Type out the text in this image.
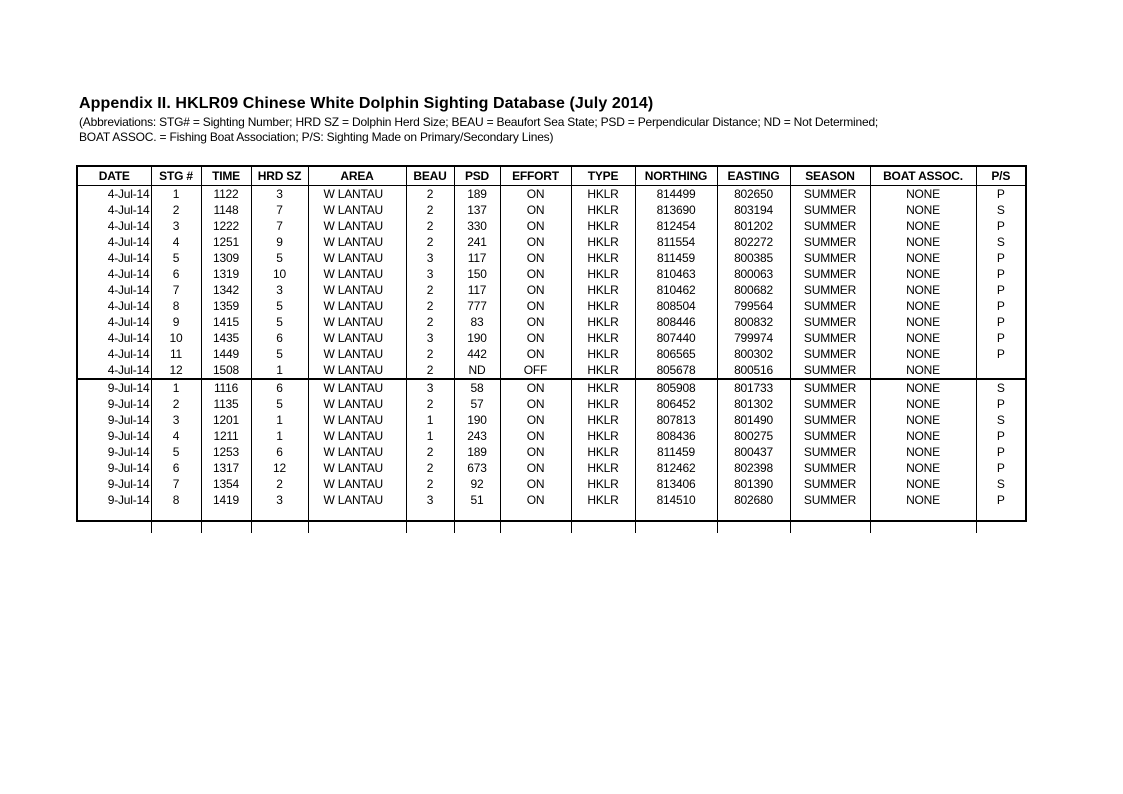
Appendix II. HKLR09 Chinese White Dolphin Sighting Database (July 2014)
(Abbreviations: STG# = Sighting Number; HRD SZ = Dolphin Herd Size; BEAU = Beaufort Sea State; PSD = Perpendicular Distance; ND = Not Determined;
BOAT ASSOC. = Fishing Boat Association; P/S: Sighting Made on Primary/Secondary Lines)
DATE	STG #	TIME	HRD SZ	AREA	BEAU	PSD	EFFORT	TYPE	NORTHING	EASTING	SEASON	BOAT ASSOC.	P/S
4-Jul-14	1	1122	3	W LANTAU	2	189	ON	HKLR	814499	802650	SUMMER	NONE	P
4-Jul-14	2	1148	7	W LANTAU	2	137	ON	HKLR	813690	803194	SUMMER	NONE	S
4-Jul-14	3	1222	7	W LANTAU	2	330	ON	HKLR	812454	801202	SUMMER	NONE	P
4-Jul-14	4	1251	9	W LANTAU	2	241	ON	HKLR	811554	802272	SUMMER	NONE	S
4-Jul-14	5	1309	5	W LANTAU	3	117	ON	HKLR	811459	800385	SUMMER	NONE	P
4-Jul-14	6	1319	10	W LANTAU	3	150	ON	HKLR	810463	800063	SUMMER	NONE	P
4-Jul-14	7	1342	3	W LANTAU	2	117	ON	HKLR	810462	800682	SUMMER	NONE	P
4-Jul-14	8	1359	5	W LANTAU	2	777	ON	HKLR	808504	799564	SUMMER	NONE	P
4-Jul-14	9	1415	5	W LANTAU	2	83	ON	HKLR	808446	800832	SUMMER	NONE	P
4-Jul-14	10	1435	6	W LANTAU	3	190	ON	HKLR	807440	799974	SUMMER	NONE	P
4-Jul-14	11	1449	5	W LANTAU	2	442	ON	HKLR	806565	800302	SUMMER	NONE	P
4-Jul-14	12	1508	1	W LANTAU	2	ND	OFF	HKLR	805678	800516	SUMMER	NONE	
9-Jul-14	1	1116	6	W LANTAU	3	58	ON	HKLR	805908	801733	SUMMER	NONE	S
9-Jul-14	2	1135	5	W LANTAU	2	57	ON	HKLR	806452	801302	SUMMER	NONE	P
9-Jul-14	3	1201	1	W LANTAU	1	190	ON	HKLR	807813	801490	SUMMER	NONE	S
9-Jul-14	4	1211	1	W LANTAU	1	243	ON	HKLR	808436	800275	SUMMER	NONE	P
9-Jul-14	5	1253	6	W LANTAU	2	189	ON	HKLR	811459	800437	SUMMER	NONE	P
9-Jul-14	6	1317	12	W LANTAU	2	673	ON	HKLR	812462	802398	SUMMER	NONE	P
9-Jul-14	7	1354	2	W LANTAU	2	92	ON	HKLR	813406	801390	SUMMER	NONE	S
9-Jul-14	8	1419	3	W LANTAU	3	51	ON	HKLR	814510	802680	SUMMER	NONE	P
